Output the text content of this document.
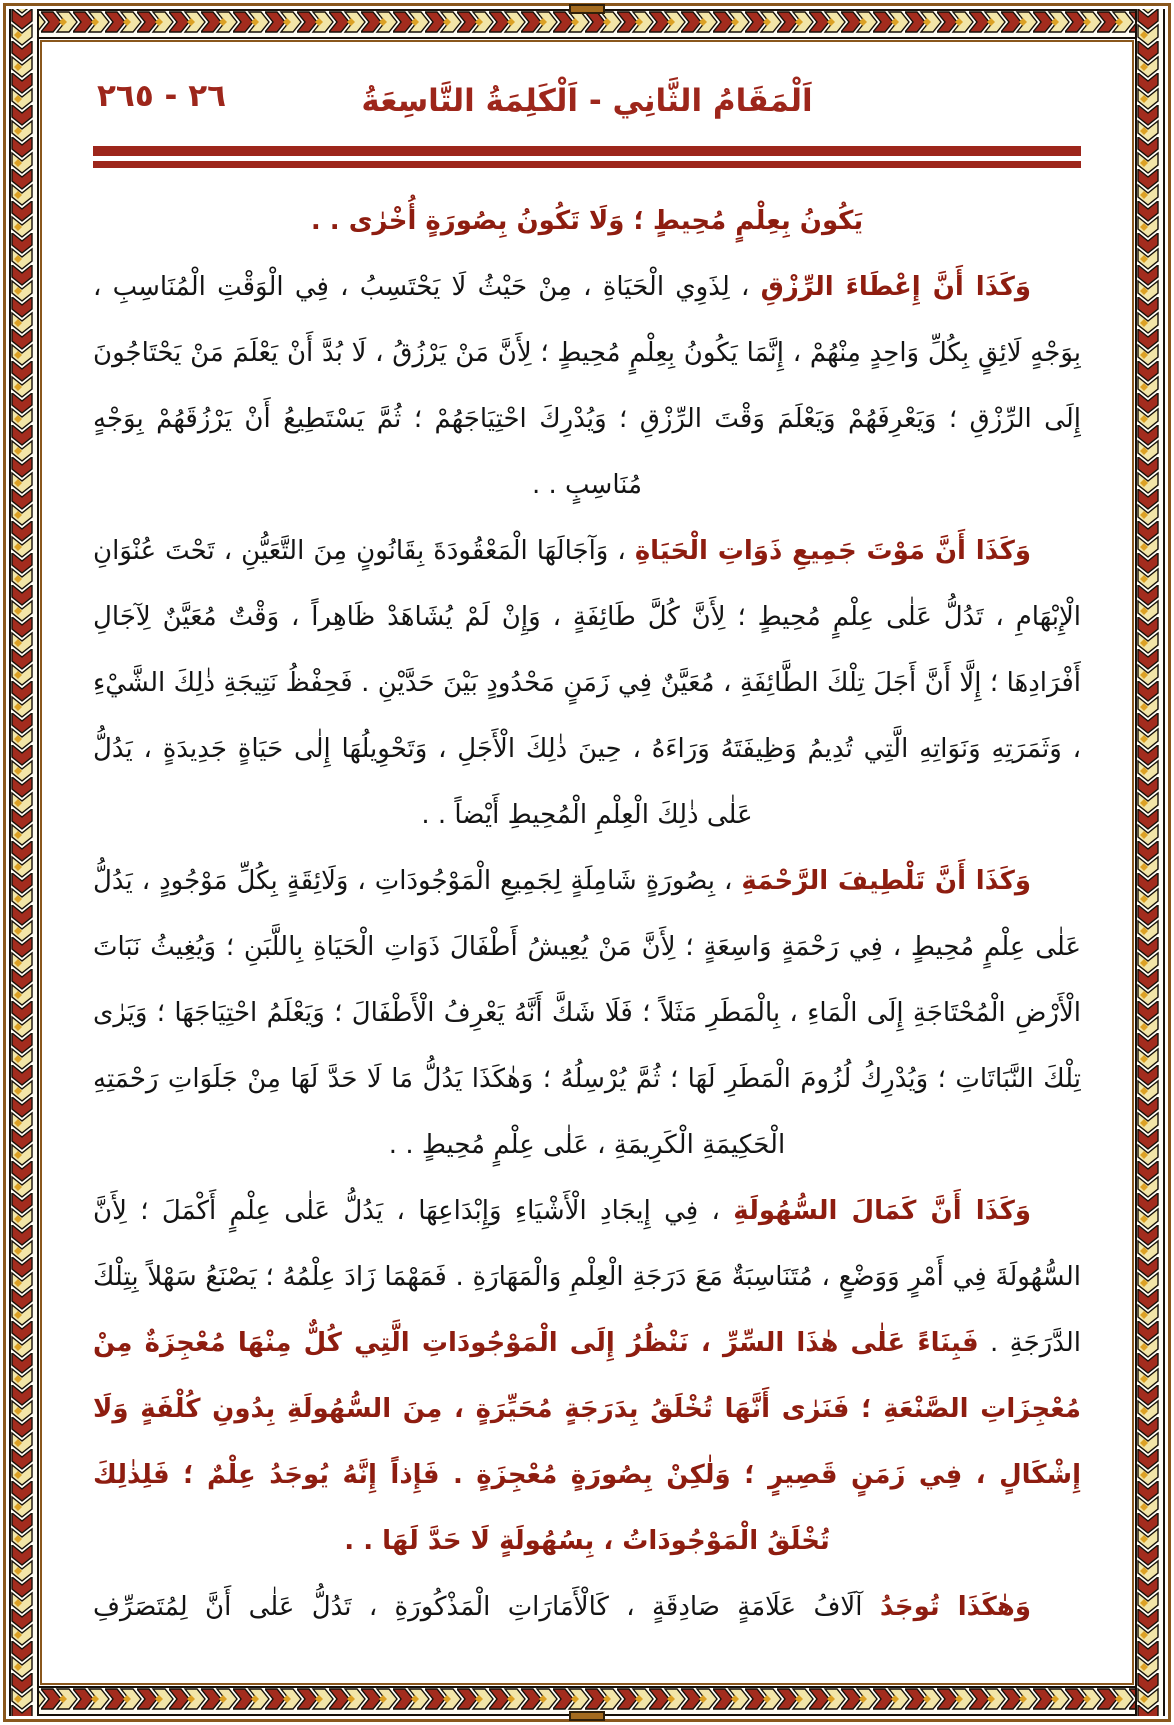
٢٦ - ٢٦٥	اَلْمَقَامُ الثَّانِي - اَلْكَلِمَةُ التَّاسِعَةُ

يَكُونُ بِعِلْمٍ مُحِيطٍ ؛ وَلَا تَكُونُ بِصُورَةٍ أُخْرٰى . .

وَكَذَا أَنَّ إِعْطَاءَ الرِّزْقِ ، لِذَوِي الْحَيَاةِ ، مِنْ حَيْثُ لَا يَحْتَسِبُ ، فِي الْوَقْتِ الْمُنَاسِبِ ، بِوَجْهٍ لَائِقٍ بِكُلِّ وَاحِدٍ مِنْهُمْ ، إِنَّمَا يَكُونُ بِعِلْمٍ مُحِيطٍ ؛ لِأَنَّ مَنْ يَرْزُقُ ، لَا بُدَّ أَنْ يَعْلَمَ مَنْ يَحْتَاجُونَ إِلَى الرِّزْقِ ؛ وَيَعْرِفَهُمْ وَيَعْلَمَ وَقْتَ الرِّزْقِ ؛ وَيُدْرِكَ احْتِيَاجَهُمْ ؛ ثُمَّ يَسْتَطِيعُ أَنْ يَرْزُقَهُمْ بِوَجْهٍ مُنَاسِبٍ . .

وَكَذَا أَنَّ مَوْتَ جَمِيعِ ذَوَاتِ الْحَيَاةِ ، وَآجَالَهَا الْمَعْقُودَةَ بِقَانُونٍ مِنَ التَّعَيُّنِ ، تَحْتَ عُنْوَانِ الْإِبْهَامِ ، تَدُلُّ عَلٰى عِلْمٍ مُحِيطٍ ؛ لِأَنَّ كُلَّ طَائِفَةٍ ، وَإِنْ لَمْ يُشَاهَدْ ظَاهِراً ، وَقْتٌ مُعَيَّنٌ لِآجَالِ أَفْرَادِهَا ؛ إِلَّا أَنَّ أَجَلَ تِلْكَ الطَّائِفَةِ ، مُعَيَّنٌ فِي زَمَنٍ مَحْدُودٍ بَيْنَ حَدَّيْنِ . فَحِفْظُ نَتِيجَةِ ذٰلِكَ الشَّيْءِ ، وَثَمَرَتِهِ وَنَوَاتِهِ الَّتِي تُدِيمُ وَظِيفَتَهُ وَرَاءَهُ ، حِينَ ذٰلِكَ الْأَجَلِ ، وَتَحْوِيلُهَا إِلٰى حَيَاةٍ جَدِيدَةٍ ، يَدُلُّ عَلٰى ذٰلِكَ الْعِلْمِ الْمُحِيطِ أَيْضاً . .

وَكَذَا أَنَّ تَلْطِيفَ الرَّحْمَةِ ، بِصُورَةٍ شَامِلَةٍ لِجَمِيعِ الْمَوْجُودَاتِ ، وَلَائِقَةٍ بِكُلِّ مَوْجُودٍ ، يَدُلُّ عَلٰى عِلْمٍ مُحِيطٍ ، فِي رَحْمَةٍ وَاسِعَةٍ ؛ لِأَنَّ مَنْ يُعِيشُ أَطْفَالَ ذَوَاتِ الْحَيَاةِ بِاللَّبَنِ ؛ وَيُغِيثُ نَبَاتَ الْأَرْضِ الْمُحْتَاجَةِ إِلَى الْمَاءِ ، بِالْمَطَرِ مَثَلاً ؛ فَلَا شَكَّ أَنَّهُ يَعْرِفُ الْأَطْفَالَ ؛ وَيَعْلَمُ احْتِيَاجَهَا ؛ وَيَرٰى تِلْكَ النَّبَاتَاتِ ؛ وَيُدْرِكُ لُزُومَ الْمَطَرِ لَهَا ؛ ثُمَّ يُرْسِلُهُ ؛ وَهٰكَذَا يَدُلُّ مَا لَا حَدَّ لَهَا مِنْ جَلَوَاتِ رَحْمَتِهِ الْحَكِيمَةِ الْكَرِيمَةِ ، عَلٰى عِلْمٍ مُحِيطٍ . .

وَكَذَا أَنَّ كَمَالَ السُّهُولَةِ ، فِي إِيجَادِ الْأَشْيَاءِ وَإِبْدَاعِهَا ، يَدُلُّ عَلٰى عِلْمٍ أَكْمَلَ ؛ لِأَنَّ السُّهُولَةَ فِي أَمْرٍ وَوَضْعٍ ، مُتَنَاسِبَةٌ مَعَ دَرَجَةِ الْعِلْمِ وَالْمَهَارَةِ . فَمَهْمَا زَادَ عِلْمُهُ ؛ يَصْنَعُ سَهْلاً بِتِلْكَ الدَّرَجَةِ . فَبِنَاءً عَلٰى هٰذَا السِّرِّ ، نَنْظُرُ إِلَى الْمَوْجُودَاتِ الَّتِي كُلٌّ مِنْهَا مُعْجِزَةٌ مِنْ مُعْجِزَاتِ الصَّنْعَةِ ؛ فَنَرٰى أَنَّهَا تُخْلَقُ بِدَرَجَةٍ مُحَيِّرَةٍ ، مِنَ السُّهُولَةِ بِدُونِ كُلْفَةٍ وَلَا إِشْكَالٍ ، فِي زَمَنٍ قَصِيرٍ ؛ وَلٰكِنْ بِصُورَةٍ مُعْجِزَةٍ . فَإِذاً إِنَّهُ يُوجَدُ عِلْمٌ ؛ فَلِذٰلِكَ تُخْلَقُ الْمَوْجُودَاتُ ، بِسُهُولَةٍ لَا حَدَّ لَهَا . .

وَهٰكَذَا تُوجَدُ آلَافُ عَلَامَةٍ صَادِقَةٍ ، كَالْأَمَارَاتِ الْمَذْكُورَةِ ، تَدُلُّ عَلٰى أَنَّ لِمُتَصَرِّفِ
